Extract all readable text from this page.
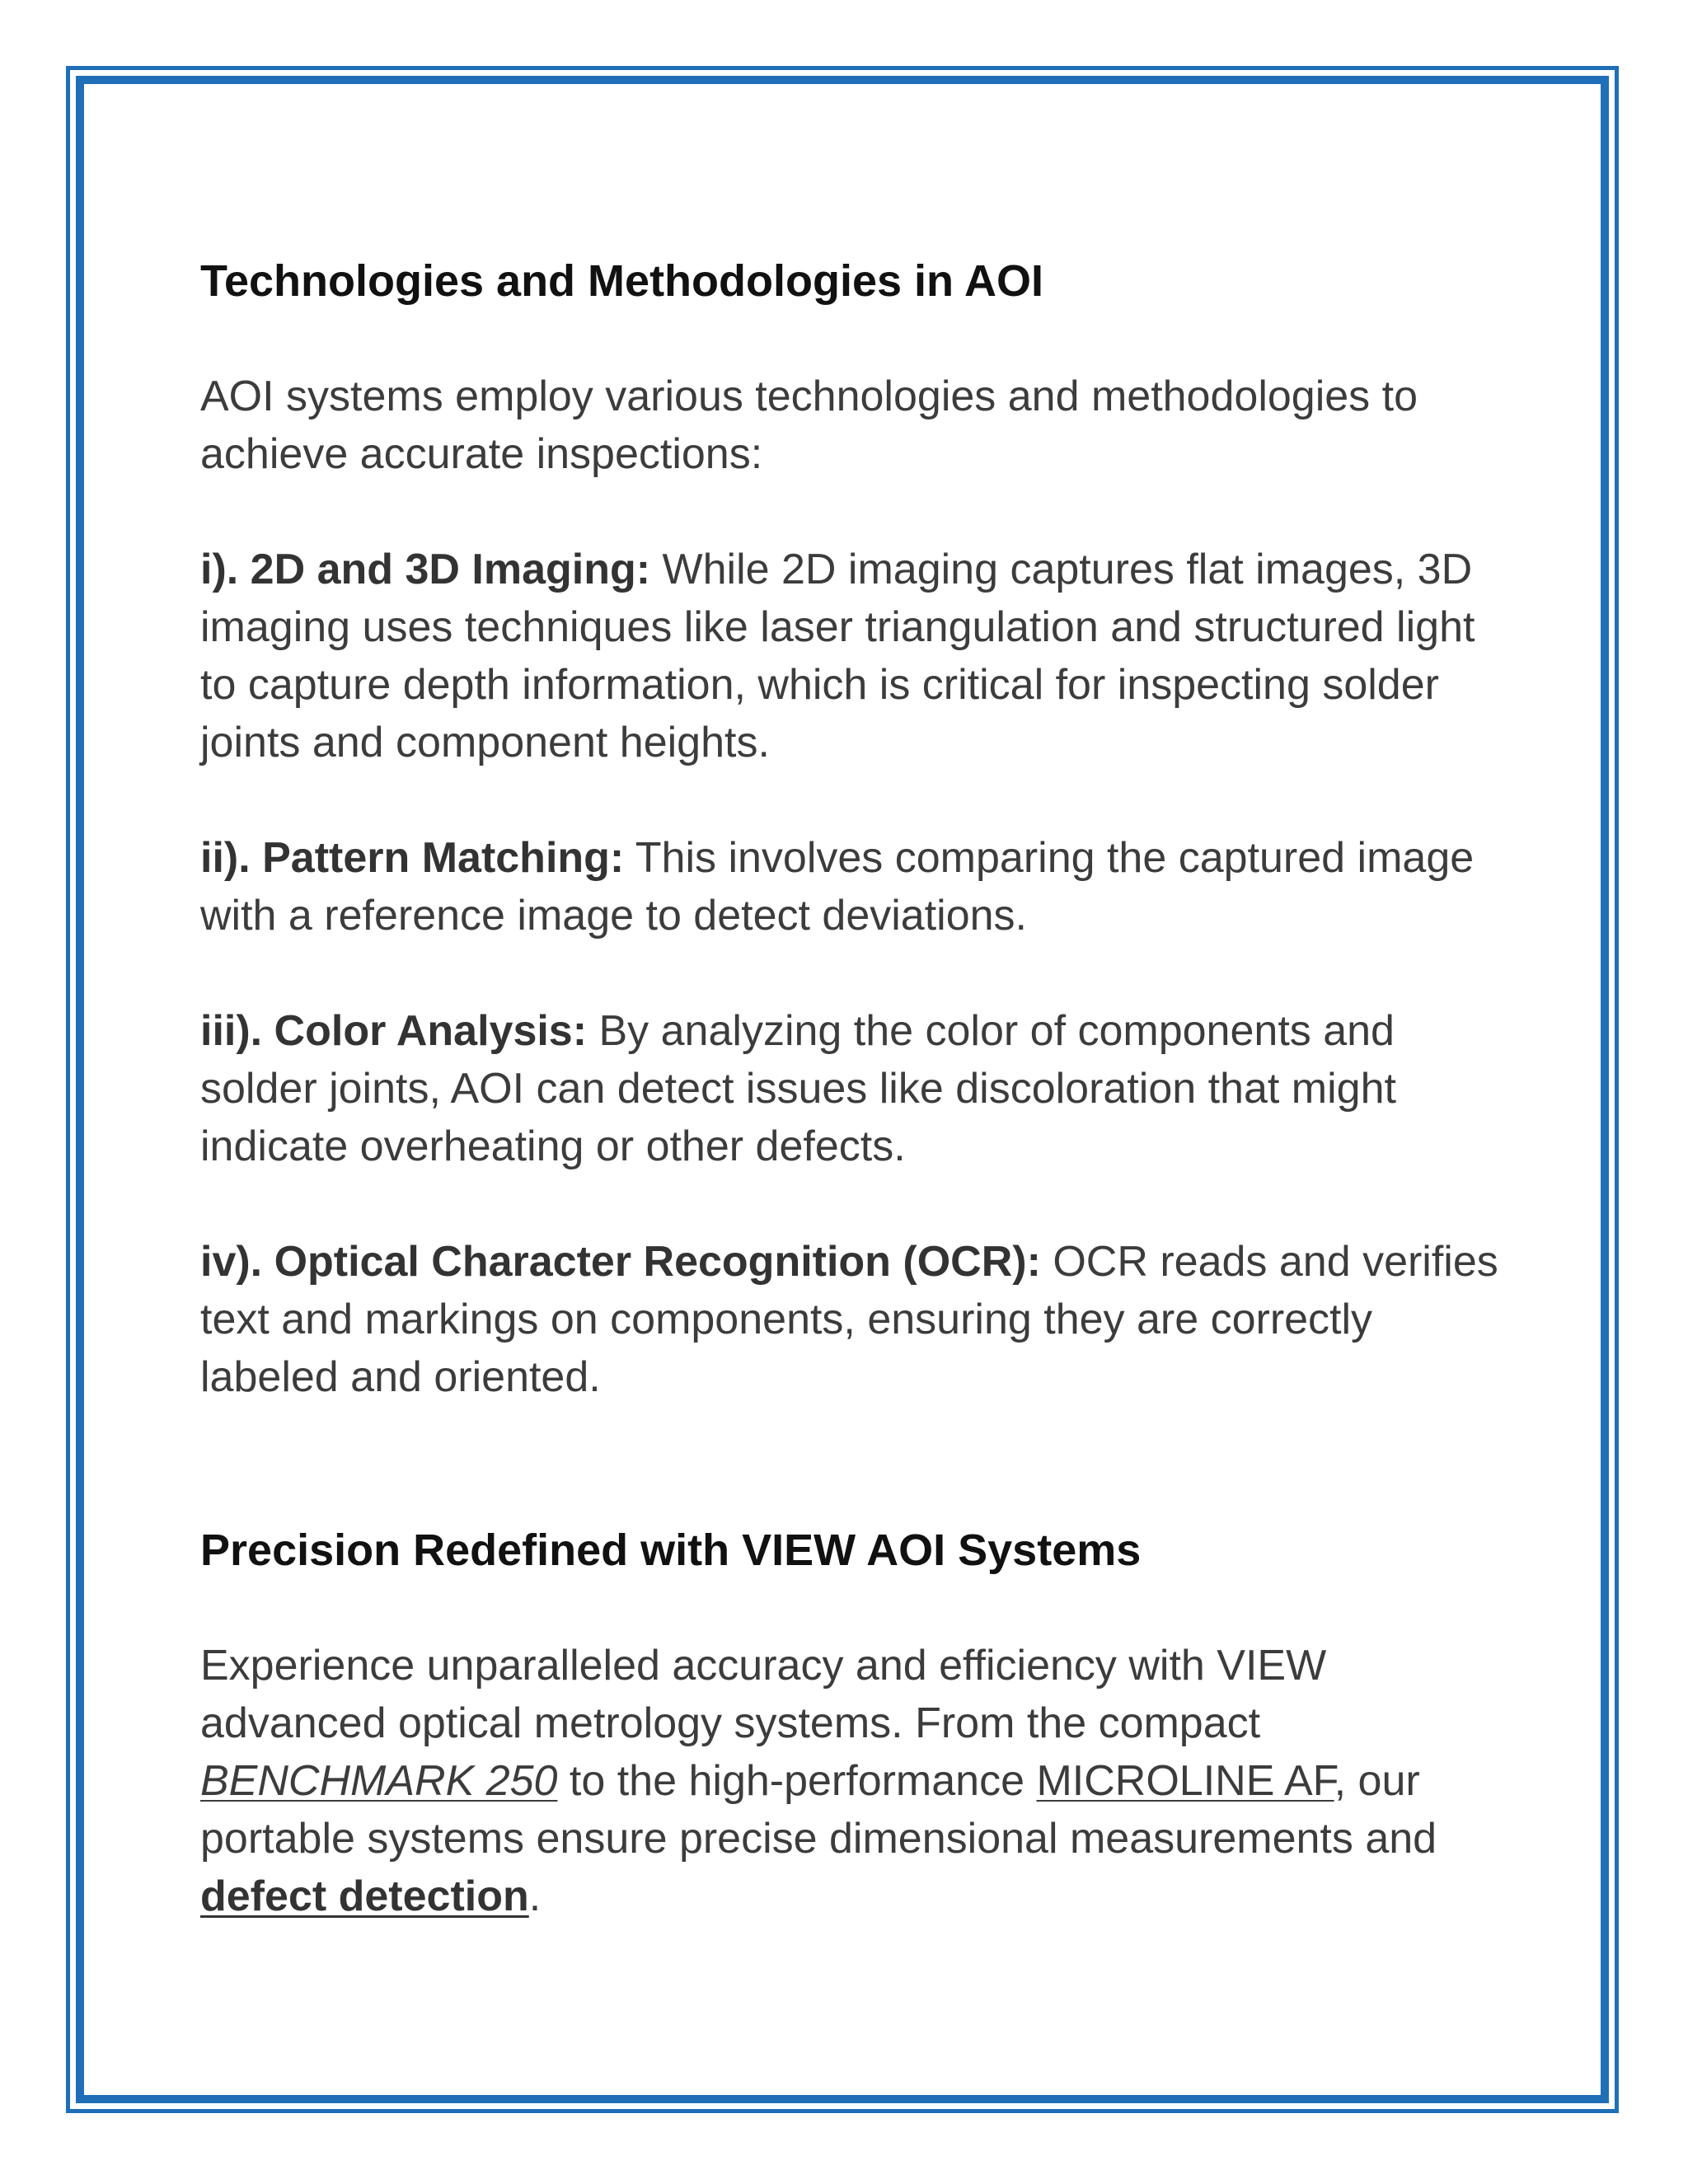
Technologies and Methodologies in AOI

AOI systems employ various technologies and methodologies to achieve accurate inspections:

i). 2D and 3D Imaging: While 2D imaging captures flat images, 3D imaging uses techniques like laser triangulation and structured light to capture depth information, which is critical for inspecting solder joints and component heights.

ii). Pattern Matching: This involves comparing the captured image with a reference image to detect deviations.

iii). Color Analysis: By analyzing the color of components and solder joints, AOI can detect issues like discoloration that might indicate overheating or other defects.

iv). Optical Character Recognition (OCR): OCR reads and verifies text and markings on components, ensuring they are correctly labeled and oriented.

Precision Redefined with VIEW AOI Systems

Experience unparalleled accuracy and efficiency with VIEW advanced optical metrology systems. From the compact BENCHMARK 250 to the high-performance MICROLINE AF, our portable systems ensure precise dimensional measurements and defect detection.
